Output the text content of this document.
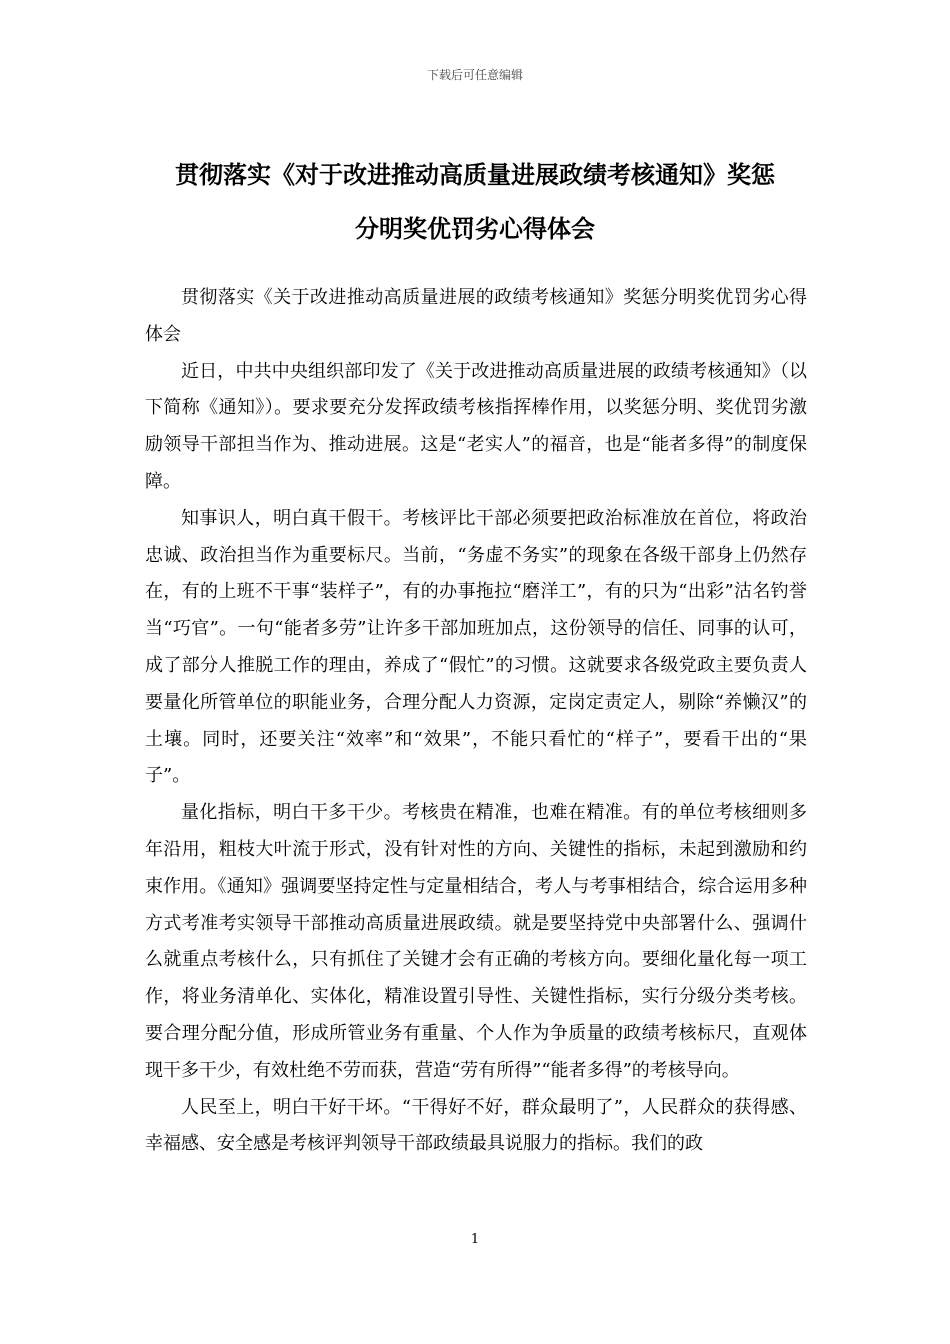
下载后可任意编辑
贯彻落实《对于改进推动高质量进展政绩考核通知》奖惩
分明奖优罚劣心得体会

贯彻落实《关于改进推动高质量进展的政绩考核通知》奖惩分明奖优罚劣心得体会

近日，中共中央组织部印发了《关于改进推动高质量进展的政绩考核通知》（以下简称《通知》）。要求要充分发挥政绩考核指挥棒作用，以奖惩分明、奖优罚劣激励领导干部担当作为、推动进展。这是“老实人”的福音，也是“能者多得”的制度保障。

知事识人，明白真干假干。考核评比干部必须要把政治标准放在首位，将政治忠诚、政治担当作为重要标尺。当前，“务虚不务实”的现象在各级干部身上仍然存在，有的上班不干事“装样子”，有的办事拖拉“磨洋工”，有的只为“出彩”沽名钓誉当“巧官”。一句“能者多劳”让许多干部加班加点，这份领导的信任、同事的认可，成了部分人推脱工作的理由，养成了“假忙”的习惯。这就要求各级党政主要负责人要量化所管单位的职能业务，合理分配人力资源，定岗定责定人，剔除“养懒汉”的土壤。同时，还要关注“效率”和“效果”，不能只看忙的“样子”，要看干出的“果子”。

量化指标，明白干多干少。考核贵在精准，也难在精准。有的单位考核细则多年沿用，粗枝大叶流于形式，没有针对性的方向、关键性的指标，未起到激励和约束作用。《通知》强调要坚持定性与定量相结合，考人与考事相结合，综合运用多种方式考准考实领导干部推动高质量进展政绩。就是要坚持党中央部署什么、强调什么就重点考核什么，只有抓住了关键才会有正确的考核方向。要细化量化每一项工作，将业务清单化、实体化，精准设置引导性、关键性指标，实行分级分类考核。要合理分配分值，形成所管业务有重量、个人作为争质量的政绩考核标尺，直观体现干多干少，有效杜绝不劳而获，营造“劳有所得”“能者多得”的考核导向。

人民至上，明白干好干坏。“干得好不好，群众最明了”，人民群众的获得感、幸福感、安全感是考核评判领导干部政绩最具说服力的指标。我们的政

1
